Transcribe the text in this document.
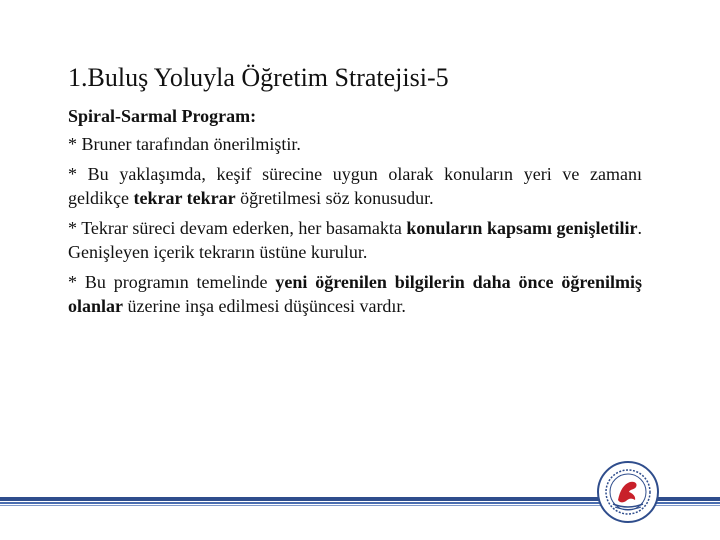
1.Buluş Yoluyla Öğretim Stratejisi-5

Spiral-Sarmal Program:

* Bruner tarafından önerilmiştir.

* Bu yaklaşımda, keşif sürecine uygun olarak konuların yeri ve zamanı geldikçe tekrar tekrar öğretilmesi söz konusudur.

* Tekrar süreci devam ederken, her basamakta konuların kapsamı genişletilir. Genişleyen içerik tekrarın üstüne kurulur.

* Bu programın temelinde yeni öğrenilen bilgilerin daha önce öğrenilmiş olanlar üzerine inşa edilmesi düşüncesi vardır.
